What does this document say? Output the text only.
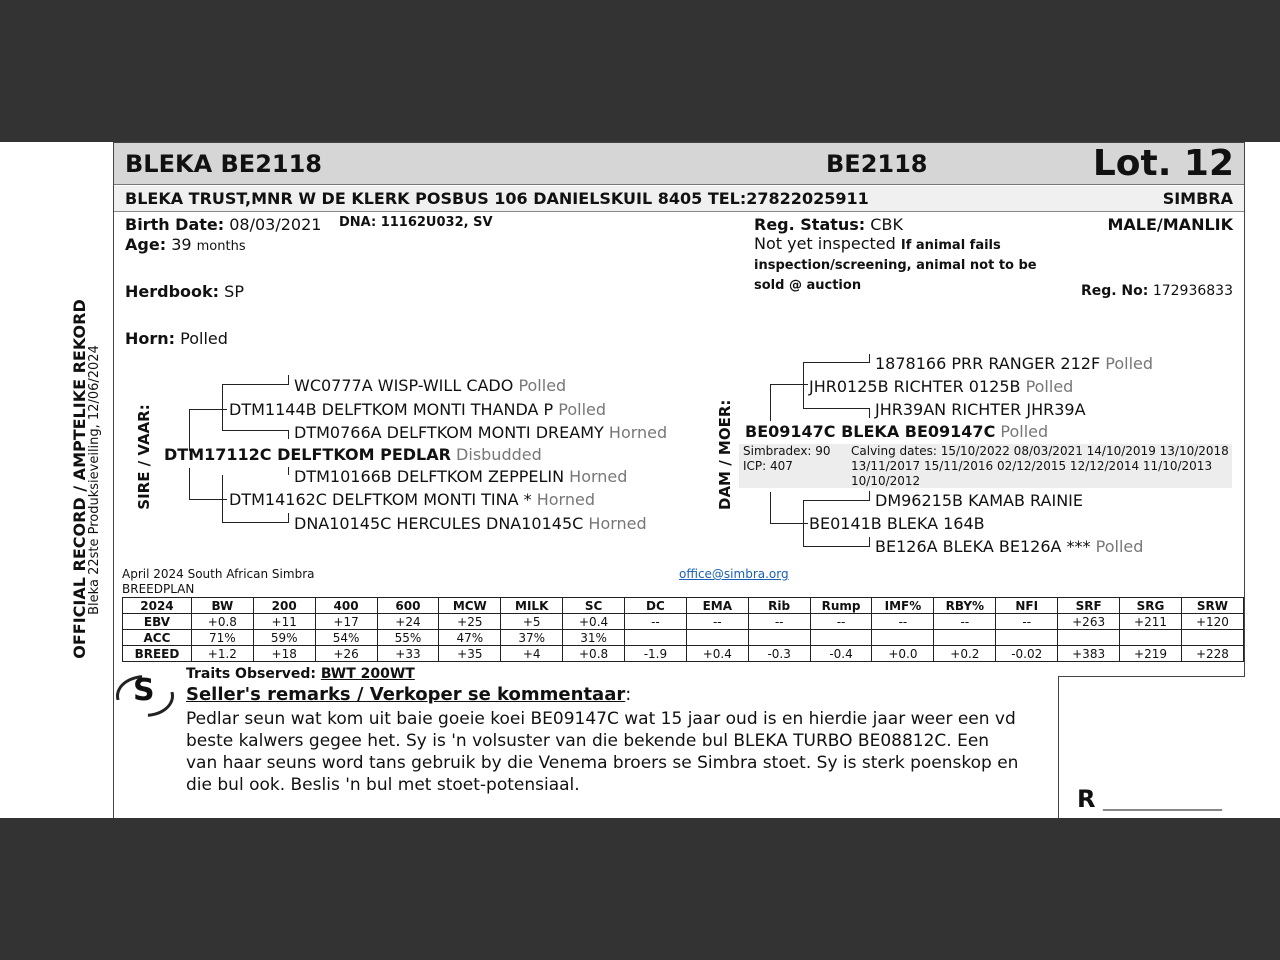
OFFICIAL RECORD / AMPTELIKE REKORD
Bleka 22ste Produksieveiling, 12/06/2024
BLEKA BE2118	BE2118	Lot. 12
BLEKA TRUST,MNR W DE KLERK POSBUS 106 DANIELSKUIL 8405 TEL:27822025911	SIMBRA
Birth Date: 08/03/2021
Age: 39 months
DNA: 11162U032, SV	Reg. Status: CBK
Not yet inspected If animal fails
inspection/screening, animal not to be
sold @ auction
MALE/MANLIK
Herdbook: SP	Reg. No: 172936833
Horn: Polled
SIRE / VAAR:
WC0777A WISP-WILL CADO Polled
DTM1144B DELFTKOM MONTI THANDA P Polled
DTM0766A DELFTKOM MONTI DREAMY Horned
DTM17112C DELFTKOM PEDLAR Disbudded
DTM10166B DELFTKOM ZEPPELIN Horned
DTM14162C DELFTKOM MONTI TINA * Horned
DNA10145C HERCULES DNA10145C Horned
DAM / MOER:
1878166 PRR RANGER 212F Polled
JHR0125B RICHTER 0125B Polled
JHR39AN RICHTER JHR39A
BE09147C BLEKA BE09147C Polled
Simbradex: 90
ICP: 407
Calving dates: 15/10/2022 08/03/2021 14/10/2019 13/10/2018
13/11/2017 15/11/2016 02/12/2015 12/12/2014 11/10/2013
10/10/2012
DM96215B KAMAB RAINIE
BE0141B BLEKA 164B
BE126A BLEKA BE126A *** Polled
April 2024 South African Simbra
BREEDPLAN
office@simbra.org
2024	BW	200	400	600	MCW	MILK	SC	DC	EMA	Rib	Rump	IMF%	RBY%	NFI	SRF	SRG	SRW
EBV	+0.8	+11	+17	+24	+25	+5	+0.4	--	--	--	--	--	--	--	+263	+211	+120
ACC	71%	59%	54%	55%	47%	37%	31%										
BREED	+1.2	+18	+26	+33	+35	+4	+0.8	-1.9	+0.4	-0.3	-0.4	+0.0	+0.2	-0.02	+383	+219	+228
S Traits Observed: BWT 200WT
Seller's remarks / Verkoper se kommentaar:
Pedlar seun wat kom uit baie goeie koei BE09147C wat 15 jaar oud is en hierdie jaar weer een vd
beste kalwers gegee het. Sy is 'n volsuster van die bekende bul BLEKA TURBO BE08812C. Een
van haar seuns word tans gebruik by die Venema broers se Simbra stoet. Sy is sterk poenskop en
die bul ook. Beslis 'n bul met stoet-potensiaal.	R _________________
